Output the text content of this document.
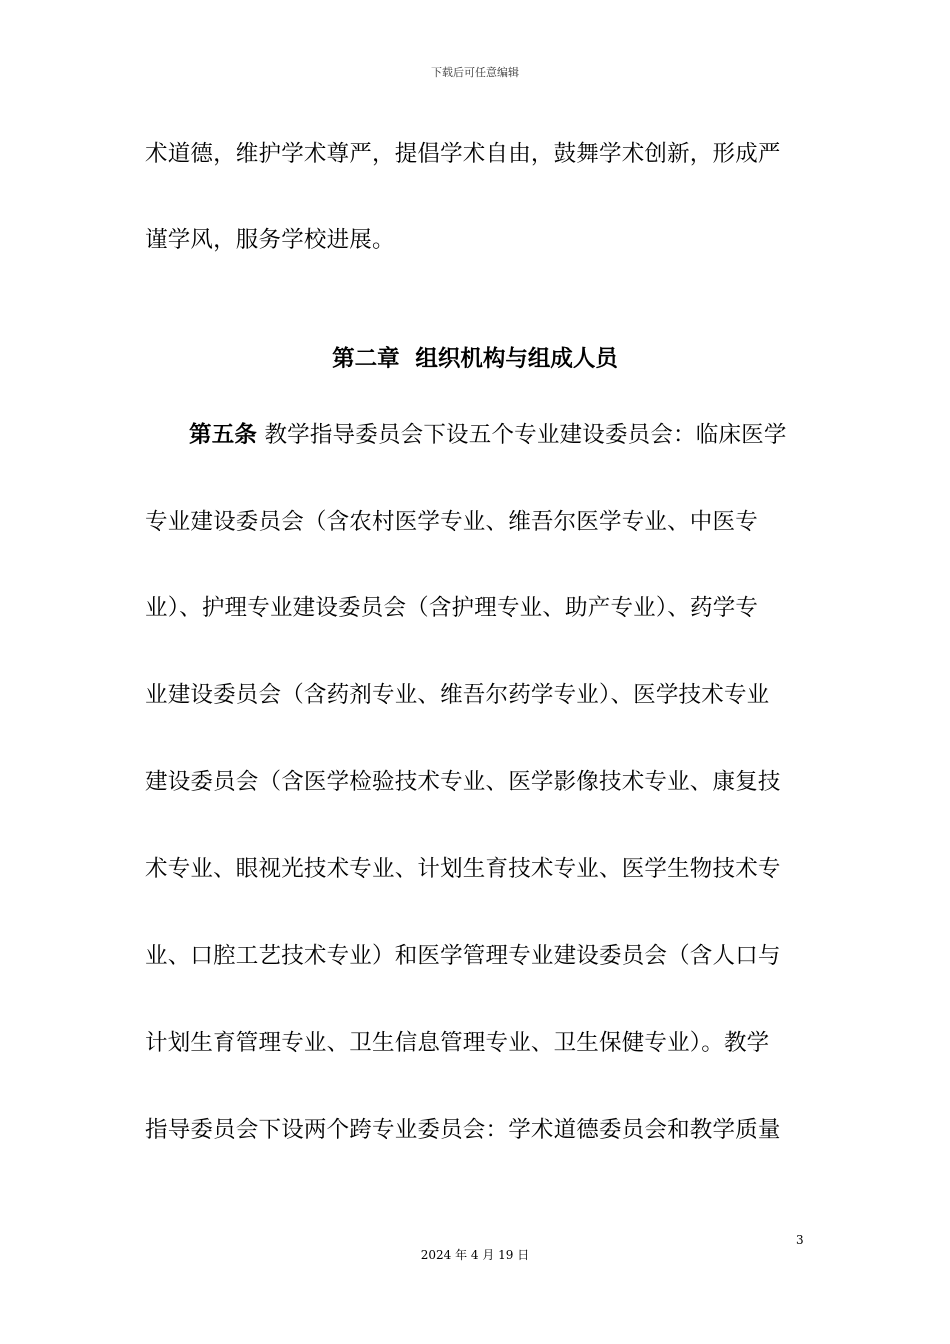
下载后可任意编辑
术道德，维护学术尊严，提倡学术自由，鼓舞学术创新，形成严
谨学风，服务学校进展。
第二章  组织机构与组成人员
第五条 教学指导委员会下设五个专业建设委员会：临床医学
专业建设委员会（含农村医学专业、维吾尔医学专业、中医专
业）、护理专业建设委员会（含护理专业、助产专业）、药学专
业建设委员会（含药剂专业、维吾尔药学专业）、医学技术专业
建设委员会（含医学检验技术专业、医学影像技术专业、康复技
术专业、眼视光技术专业、计划生育技术专业、医学生物技术专
业、口腔工艺技术专业）和医学管理专业建设委员会（含人口与
计划生育管理专业、卫生信息管理专业、卫生保健专业）。教学
指导委员会下设两个跨专业委员会：学术道德委员会和教学质量
3
2024 年 4 月 19 日
